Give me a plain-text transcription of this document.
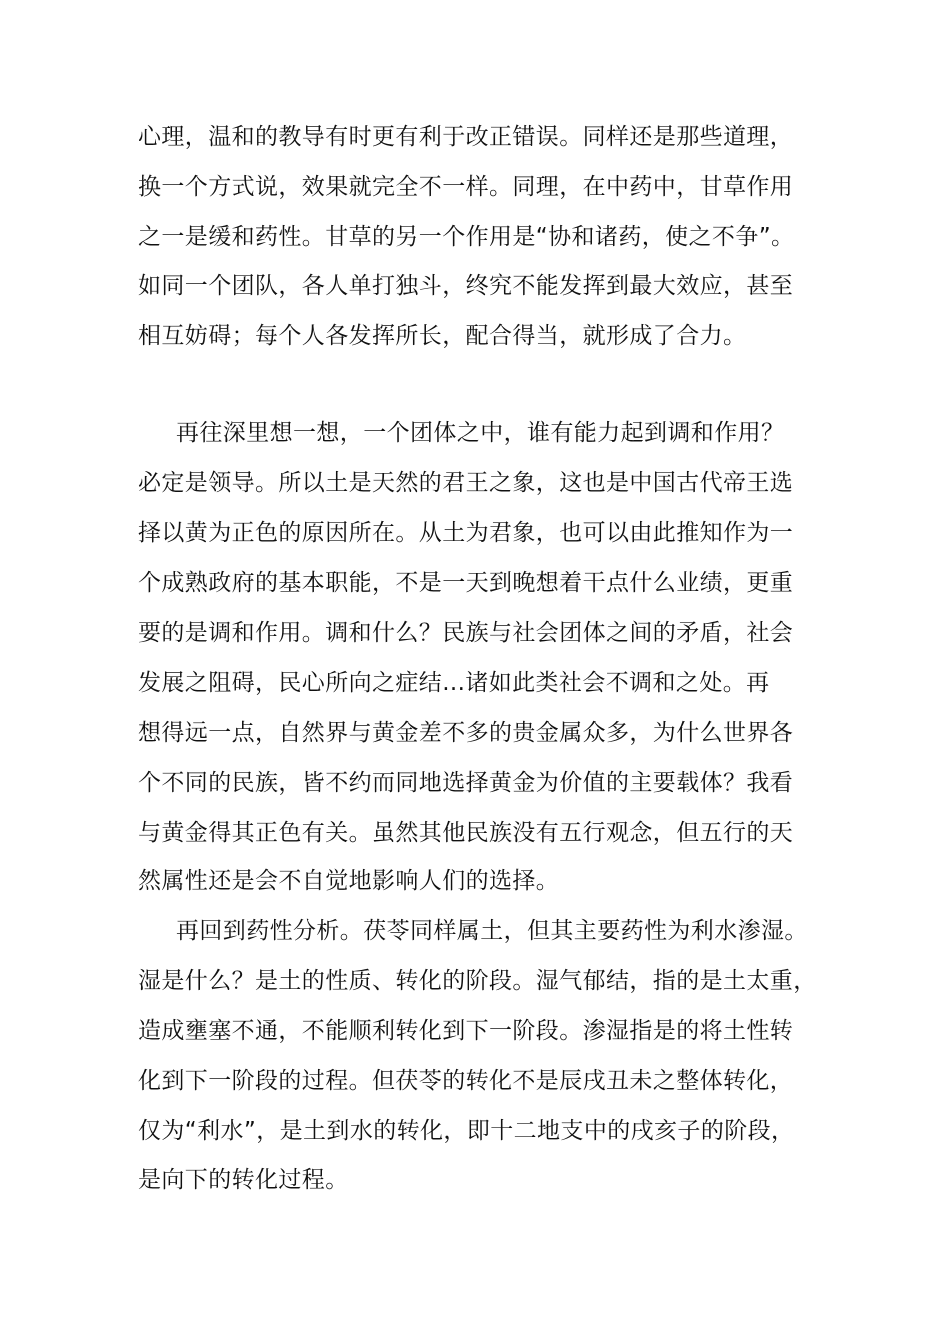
心理，温和的教导有时更有利于改正错误。同样还是那些道理，
换一个方式说，效果就完全不一样。同理，在中药中，甘草作用
之一是缓和药性。甘草的另一个作用是“协和诸药，使之不争”。
如同一个团队，各人单打独斗，终究不能发挥到最大效应，甚至
相互妨碍；每个人各发挥所长，配合得当，就形成了合力。
再往深里想一想，一个团体之中，谁有能力起到调和作用？
必定是领导。所以土是天然的君王之象，这也是中国古代帝王选
择以黄为正色的原因所在。从土为君象，也可以由此推知作为一
个成熟政府的基本职能，不是一天到晚想着干点什么业绩，更重
要的是调和作用。调和什么？民族与社会团体之间的矛盾，社会
发展之阻碍，民心所向之症结...诸如此类社会不调和之处。再
想得远一点，自然界与黄金差不多的贵金属众多，为什么世界各
个不同的民族，皆不约而同地选择黄金为价值的主要载体？我看
与黄金得其正色有关。虽然其他民族没有五行观念，但五行的天
然属性还是会不自觉地影响人们的选择。
再回到药性分析。茯苓同样属土，但其主要药性为利水渗湿。
湿是什么？是土的性质、转化的阶段。湿气郁结，指的是土太重，
造成壅塞不通，不能顺利转化到下一阶段。渗湿指是的将土性转
化到下一阶段的过程。但茯苓的转化不是辰戌丑未之整体转化，
仅为“利水”，是土到水的转化，即十二地支中的戌亥子的阶段，
是向下的转化过程。
